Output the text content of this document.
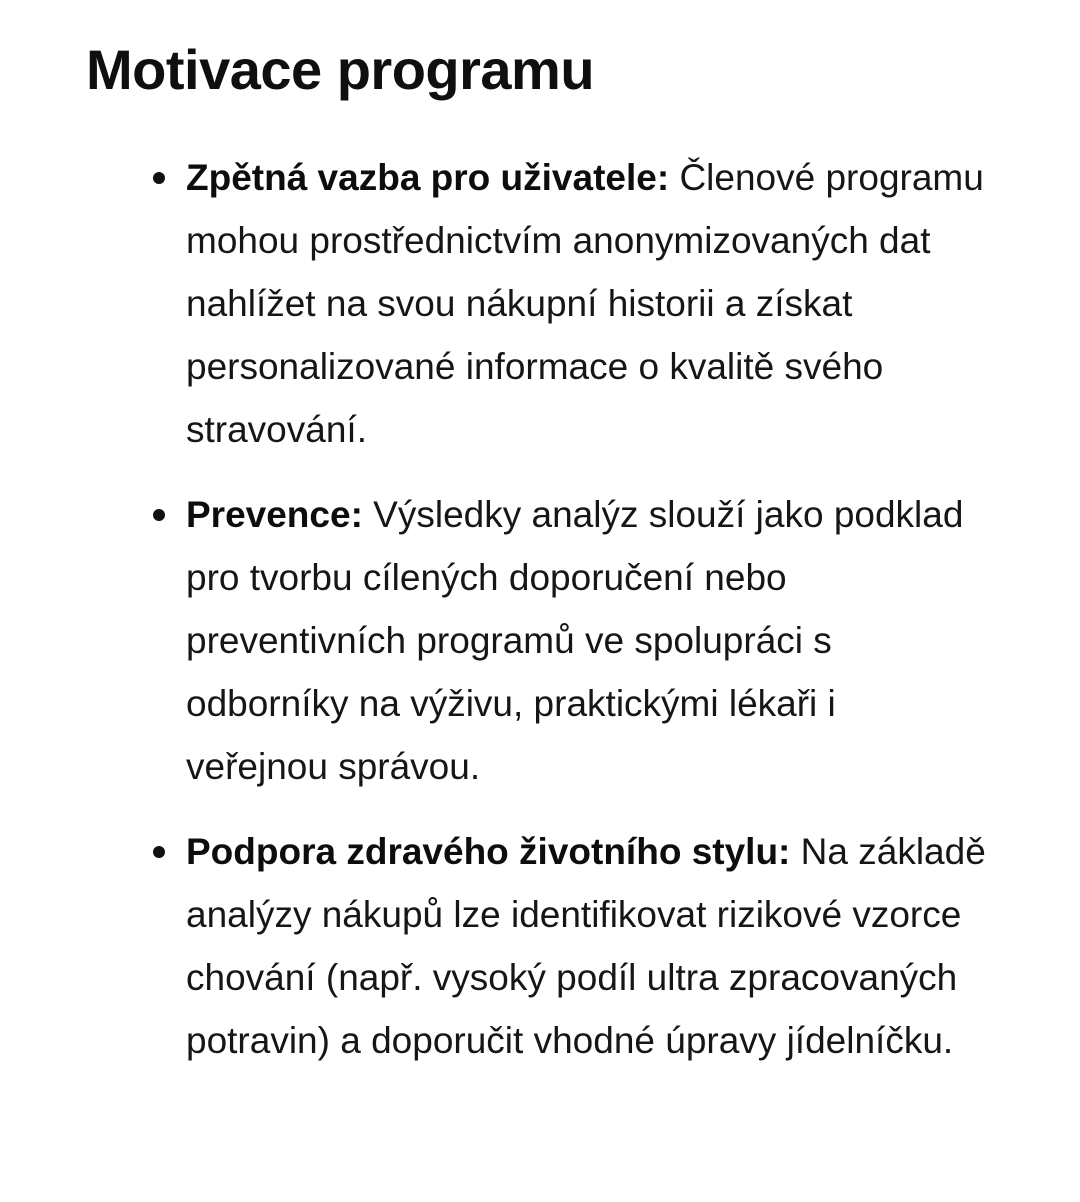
Motivace programu
Zpětná vazba pro uživatele: Členové programu mohou prostřednictvím anonymizovaných dat nahlížet na svou nákupní historii a získat personalizované informace o kvalitě svého stravování.
Prevence: Výsledky analýz slouží jako podklad pro tvorbu cílených doporučení nebo preventivních programů ve spolupráci s odborníky na výživu, praktickými lékaři i veřejnou správou.
Podpora zdravého životního stylu: Na základě analýzy nákupů lze identifikovat rizikové vzorce chování (např. vysoký podíl ultra zpracovaných potravin) a doporučit vhodné úpravy jídelníčku.
